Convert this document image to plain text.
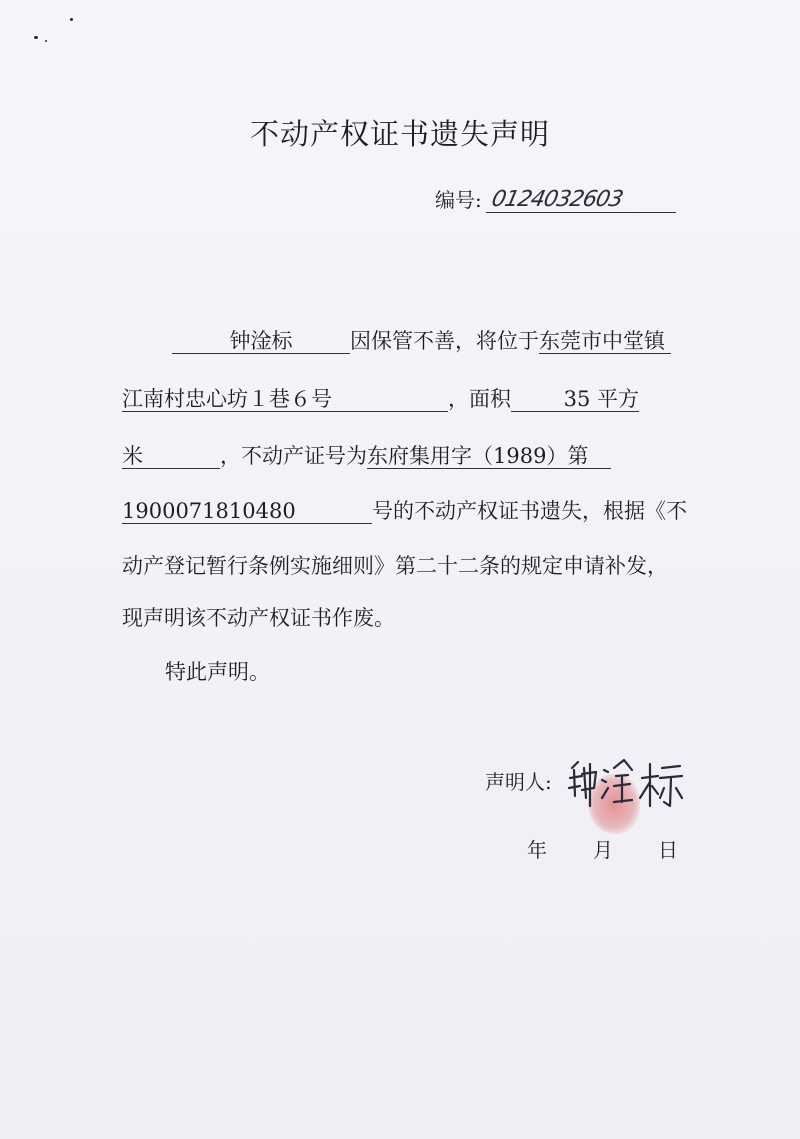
不动产权证书遗失声明
编号: 0124032603
钟淦标	因保管不善，将位于东莞市中堂镇
江南村忠心坊１巷６号	，面积	35 平方
米	，不动产证号为东府集用字（1989）第
1900071810480	号的不动产权证书遗失，根据《不
动产登记暂行条例实施细则》第二十二条的规定申请补发，
现声明该不动产权证书作废。
特此声明。
声明人:
年 月 日
